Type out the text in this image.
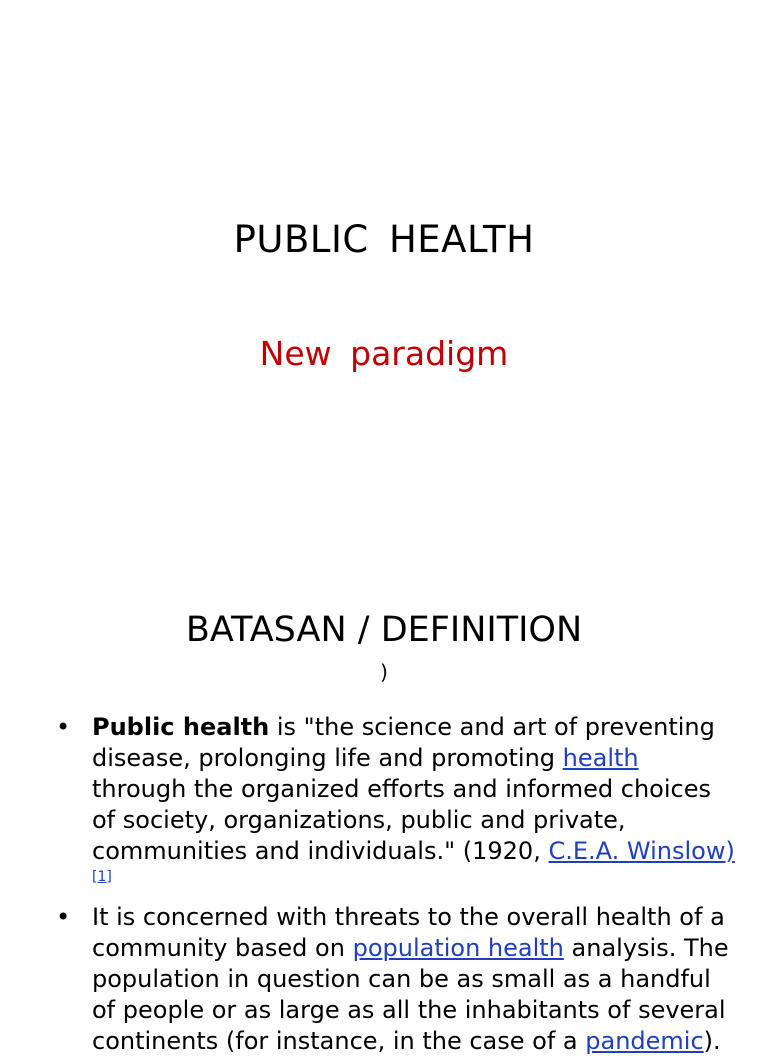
PUBLIC HEALTH
New paradigm
BATASAN / DEFINITION
)
• Public health is "the science and art of preventing disease, prolonging life and promoting health through the organized efforts and informed choices of society, organizations, public and private, communities and individuals." (1920, C.E.A. Winslow)[1]
• It is concerned with threats to the overall health of a community based on population health analysis. The population in question can be as small as a handful of people or as large as all the inhabitants of several continents (for instance, in the case of a pandemic).
